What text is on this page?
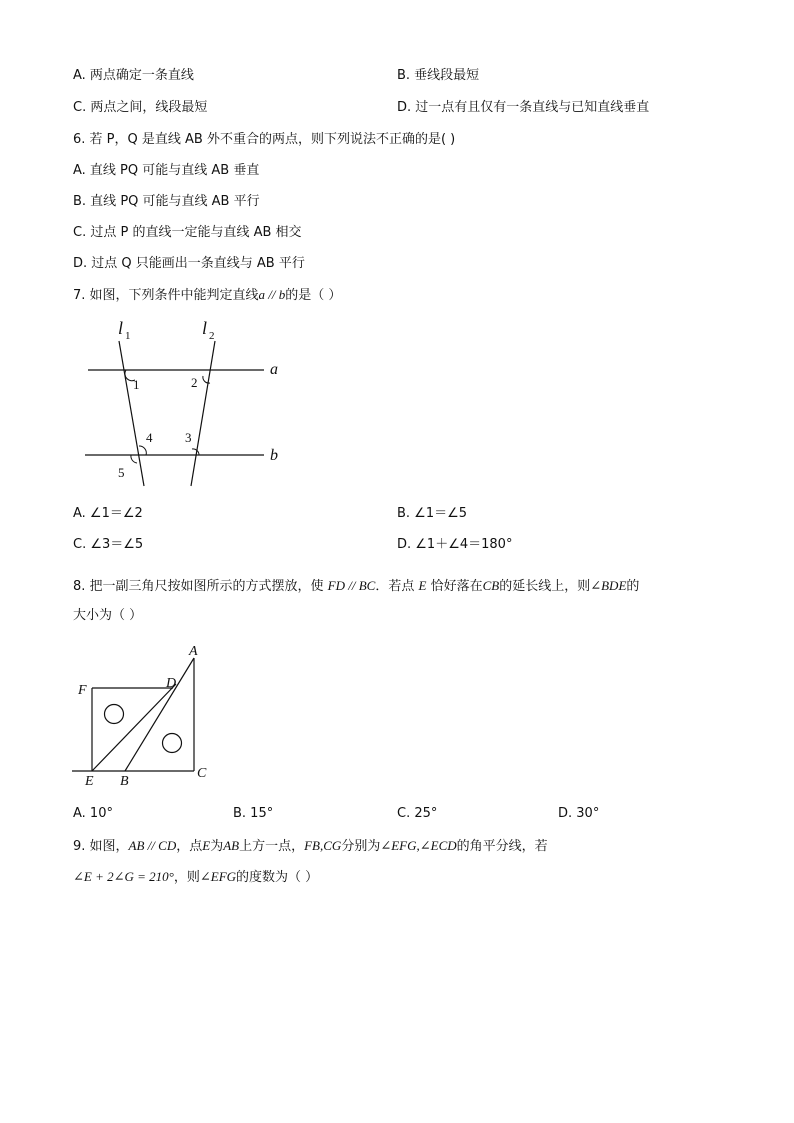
A. 两点确定一条直线	B. 垂线段最短
C. 两点之间，线段最短	D. 过一点有且仅有一条直线与已知直线垂直
6. 若 P，Q 是直线 AB 外不重合的两点，则下列说法不正确的是( )
A. 直线 PQ 可能与直线 AB 垂直
B. 直线 PQ 可能与直线 AB 平行
C. 过点 P 的直线一定能与直线 AB 相交
D. 过点 Q 只能画出一条直线与 AB 平行
7. 如图，下列条件中能判定直线a // b的是（ ）
l 1	l 2
a
b
1	2
3
4
5
A. ∠1＝∠2	B. ∠1＝∠5
C. ∠3＝∠5	D. ∠1＋∠4＝180°
8. 把一副三角尺按如图所示的方式摆放，使 FD // BC．若点 E 恰好落在CB的延长线上，则∠BDE的
大小为（ ）
A
D
F
E B
C
A. 10°	B. 15°	C. 25°	D. 30°
9. 如图，AB // CD，点E为AB上方一点，FB,CG分别为∠EFG,∠ECD的角平分线，若
∠E + 2∠G = 210°，则∠EFG的度数为（ ）
